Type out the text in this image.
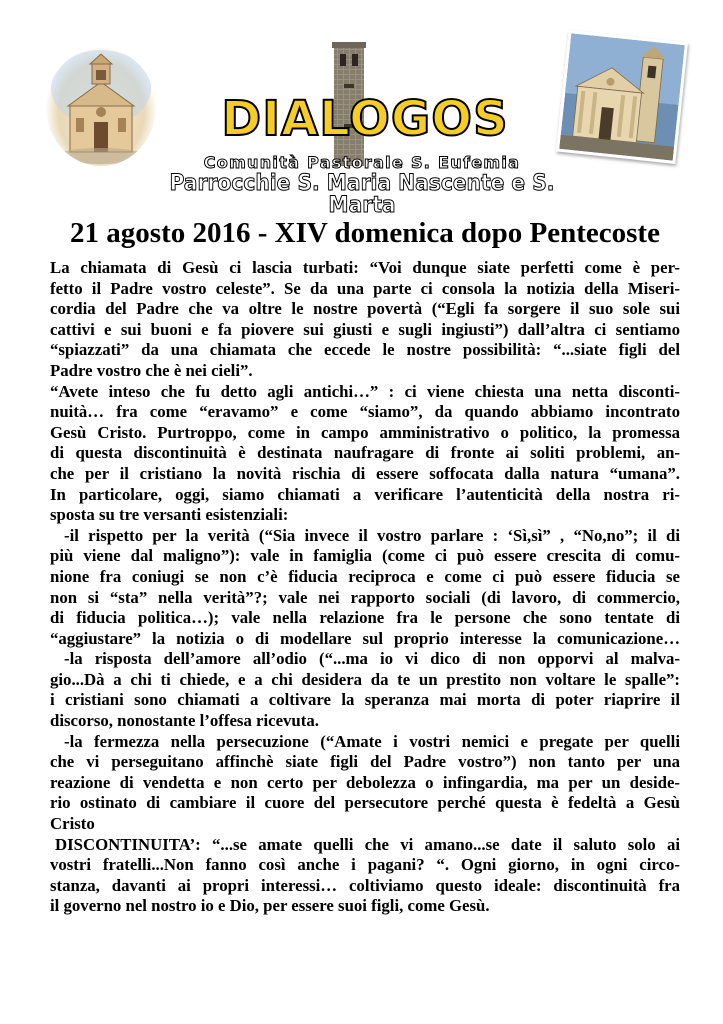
DIALOGOS
Comunità Pastorale S. Eufemia
Parrocchie S. Maria Nascente e S. Marta
21 agosto 2016 - XIV domenica dopo Pentecoste
La chiamata di Gesù ci lascia turbati: “Voi dunque siate perfetti come è per-
fetto il Padre vostro celeste”. Se da una parte ci consola la notizia della Miseri-
cordia del Padre che va oltre le nostre povertà (“Egli fa sorgere il suo sole sui
cattivi e sui buoni e fa piovere sui giusti e sugli ingiusti”) dall’altra ci sentiamo
“spiazzati” da una chiamata che eccede le nostre possibilità: “...siate figli del
Padre vostro che è nei cieli”.
“Avete inteso che fu detto agli antichi…” : ci viene chiesta una netta disconti-
nuità… fra come “eravamo” e come “siamo”, da quando abbiamo incontrato
Gesù Cristo. Purtroppo, come in campo amministrativo o politico, la promessa
di questa discontinuità è destinata naufragare di fronte ai soliti problemi, an-
che per il cristiano la novità rischia di essere soffocata dalla natura “umana”.
In particolare, oggi, siamo chiamati a verificare l’autenticità della nostra ri-
sposta su tre versanti esistenziali:
-il rispetto per la verità (“Sia invece il vostro parlare : ‘Sì,sì” , “No,no”; il di
più viene dal maligno”): vale in famiglia (come ci può essere crescita di comu-
nione fra coniugi se non c’è fiducia reciproca e come ci può essere fiducia se
non si “sta” nella verità”?; vale nei rapporto sociali (di lavoro, di commercio,
di fiducia politica…); vale nella relazione fra le persone che sono tentate di
“aggiustare” la notizia o di modellare sul proprio interesse la comunicazione…
-la risposta dell’amore all’odio (“...ma io vi dico di non opporvi al malva-
gio...Dà a chi ti chiede, e a chi desidera da te un prestito non voltare le spalle”:
i cristiani sono chiamati a coltivare la speranza mai morta di poter riaprire il
discorso, nonostante l’offesa ricevuta.
-la fermezza nella persecuzione (“Amate i vostri nemici e pregate per quelli
che vi perseguitano affinchè siate figli del Padre vostro”) non tanto per una
reazione di vendetta e non certo per debolezza o infingardia, ma per un deside-
rio ostinato di cambiare il cuore del persecutore perché questa è fedeltà a Gesù
Cristo
DISCONTINUITA’: “...se amate quelli che vi amano...se date il saluto solo ai
vostri fratelli...Non fanno così anche i pagani? “. Ogni giorno, in ogni circo-
stanza, davanti ai propri interessi… coltiviamo questo ideale: discontinuità fra
il governo nel nostro io e Dio, per essere suoi figli, come Gesù.
